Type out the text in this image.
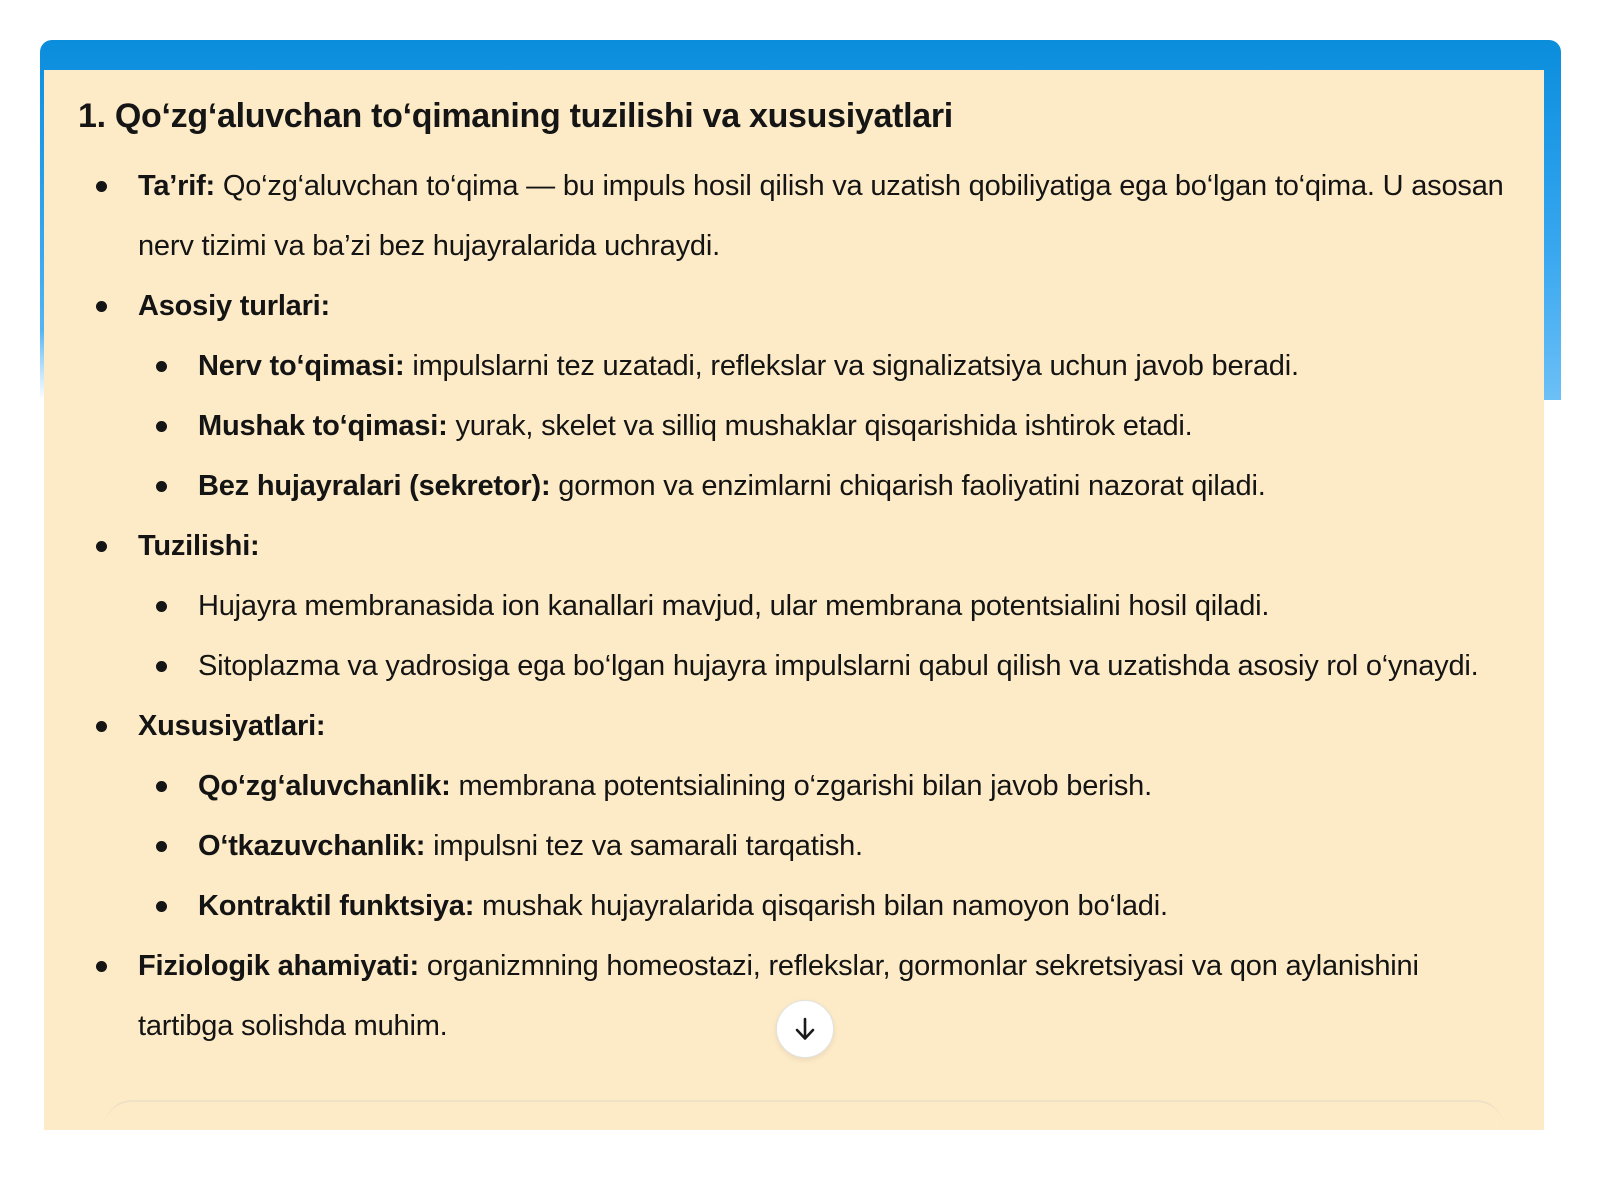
1. Qo‘zg‘aluvchan to‘qimaning tuzilishi va xususiyatlari
Ta’rif: Qo‘zg‘aluvchan to‘qima — bu impuls hosil qilish va uzatish qobiliyatiga ega bo‘lgan to‘qima. U asosan nerv tizimi va ba’zi bez hujayralarida uchraydi.
Asosiy turlari:
Nerv to‘qimasi: impulslarni tez uzatadi, reflekslar va signalizatsiya uchun javob beradi.
Mushak to‘qimasi: yurak, skelet va silliq mushaklar qisqarishida ishtirok etadi.
Bez hujayralari (sekretor): gormon va enzimlarni chiqarish faoliyatini nazorat qiladi.
Tuzilishi:
Hujayra membranasida ion kanallari mavjud, ular membrana potentsialini hosil qiladi.
Sitoplazma va yadrosiga ega bo‘lgan hujayra impulslarni qabul qilish va uzatishda asosiy rol o‘ynaydi.
Xususiyatlari:
Qo‘zg‘aluvchanlik: membrana potentsialining o‘zgarishi bilan javob berish.
O‘tkazuvchanlik: impulsni tez va samarali tarqatish.
Kontraktil funktsiya: mushak hujayralarida qisqarish bilan namoyon bo‘ladi.
Fiziologik ahamiyati: organizmning homeostazi, reflekslar, gormonlar sekretsiyasi va qon aylanishini tartibga solishda muhim.
